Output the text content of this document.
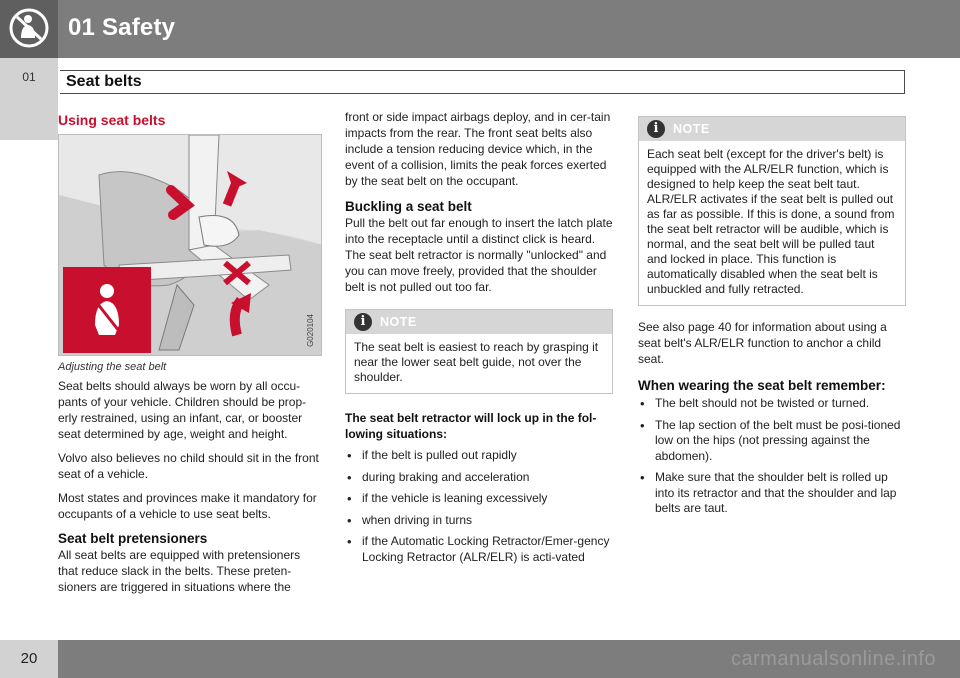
01 Safety
01	Seat belts
Using seat belts
G020104
Adjusting the seat belt

Seat belts should always be worn by all occu-pants of your vehicle. Children should be prop-erly restrained, using an infant, car, or booster seat determined by age, weight and height.

Volvo also believes no child should sit in the front seat of a vehicle.

Most states and provinces make it mandatory for occupants of a vehicle to use seat belts.

Seat belt pretensioners

All seat belts are equipped with pretensioners that reduce slack in the belts. These preten-sioners are triggered in situations where the

front or side impact airbags deploy, and in cer-tain impacts from the rear. The front seat belts also include a tension reducing device which, in the event of a collision, limits the peak forces exerted by the seat belt on the occupant.

Buckling a seat belt

Pull the belt out far enough to insert the latch plate into the receptacle until a distinct click is heard. The seat belt retractor is normally "unlocked" and you can move freely, provided that the shoulder belt is not pulled out too far.

i	NOTE
The seat belt is easiest to reach by grasping it near the lower seat belt guide, not over the shoulder.
The seat belt retractor will lock up in the fol-lowing situations:
• if the belt is pulled out rapidly
• during braking and acceleration
• if the vehicle is leaning excessively
• when driving in turns
• if the Automatic Locking Retractor/Emer-gency Locking Retractor (ALR/ELR) is acti-vated
i	NOTE
Each seat belt (except for the driver's belt) is equipped with the ALR/ELR function, which is designed to help keep the seat belt taut. ALR/ELR activates if the seat belt is pulled out as far as possible. If this is done, a sound from the seat belt retractor will be audible, which is normal, and the seat belt will be pulled taut and locked in place. This function is automatically disabled when the seat belt is unbuckled and fully retracted.

See also page 40 for information about using a seat belt's ALR/ELR function to anchor a child seat.

When wearing the seat belt remember:
• The belt should not be twisted or turned.
• The lap section of the belt must be posi-tioned low on the hips (not pressing against the abdomen).
• Make sure that the shoulder belt is rolled up into its retractor and that the shoulder and lap belts are taut.
20	carmanualsonline.info
